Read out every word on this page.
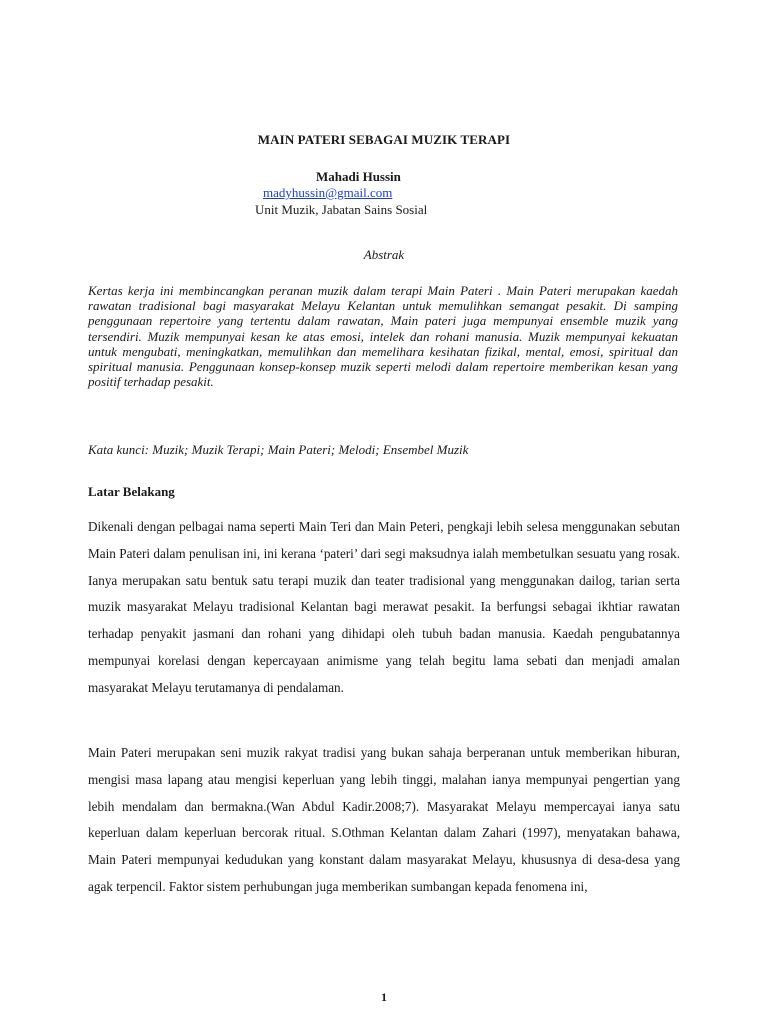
MAIN PATERI SEBAGAI MUZIK TERAPI
Mahadi Hussin
madyhussin@gmail.com
Unit Muzik, Jabatan Sains Sosial
Abstrak
Kertas kerja ini membincangkan peranan muzik dalam terapi Main Pateri . Main Pateri merupakan kaedah rawatan tradisional bagi masyarakat Melayu Kelantan untuk memulihkan semangat pesakit. Di samping penggunaan repertoire yang tertentu dalam rawatan, Main pateri juga mempunyai ensemble muzik yang tersendiri. Muzik mempunyai kesan ke atas emosi, intelek dan rohani manusia. Muzik mempunyai kekuatan untuk mengubati, meningkatkan, memulihkan dan memelihara kesihatan fizikal, mental, emosi, spiritual dan spiritual manusia. Penggunaan konsep-konsep muzik seperti melodi dalam repertoire memberikan kesan yang positif terhadap pesakit.
Kata kunci: Muzik; Muzik Terapi; Main Pateri; Melodi; Ensembel Muzik
Latar Belakang
Dikenali dengan pelbagai nama seperti Main Teri dan Main Peteri, pengkaji lebih selesa menggunakan sebutan Main Pateri dalam penulisan ini, ini kerana ‘pateri’ dari segi maksudnya ialah membetulkan sesuatu yang rosak. Ianya merupakan satu bentuk satu terapi muzik dan teater tradisional yang menggunakan dailog, tarian serta muzik masyarakat Melayu tradisional Kelantan bagi merawat pesakit. Ia berfungsi sebagai ikhtiar rawatan terhadap penyakit jasmani dan rohani yang dihidapi oleh tubuh badan manusia. Kaedah pengubatannya mempunyai korelasi dengan kepercayaan animisme yang telah begitu lama sebati dan menjadi amalan masyarakat Melayu terutamanya di pendalaman.
Main Pateri merupakan seni muzik rakyat tradisi yang bukan sahaja berperanan untuk memberikan hiburan, mengisi masa lapang atau mengisi keperluan yang lebih tinggi, malahan ianya mempunyai pengertian yang lebih mendalam dan bermakna.(Wan Abdul Kadir.2008;7). Masyarakat Melayu mempercayai ianya satu keperluan dalam keperluan bercorak ritual. S.Othman Kelantan dalam Zahari (1997), menyatakan bahawa, Main Pateri mempunyai kedudukan yang konstant dalam masyarakat Melayu, khususnya di desa-desa yang agak terpencil. Faktor sistem perhubungan juga memberikan sumbangan kepada fenomena ini,
1
